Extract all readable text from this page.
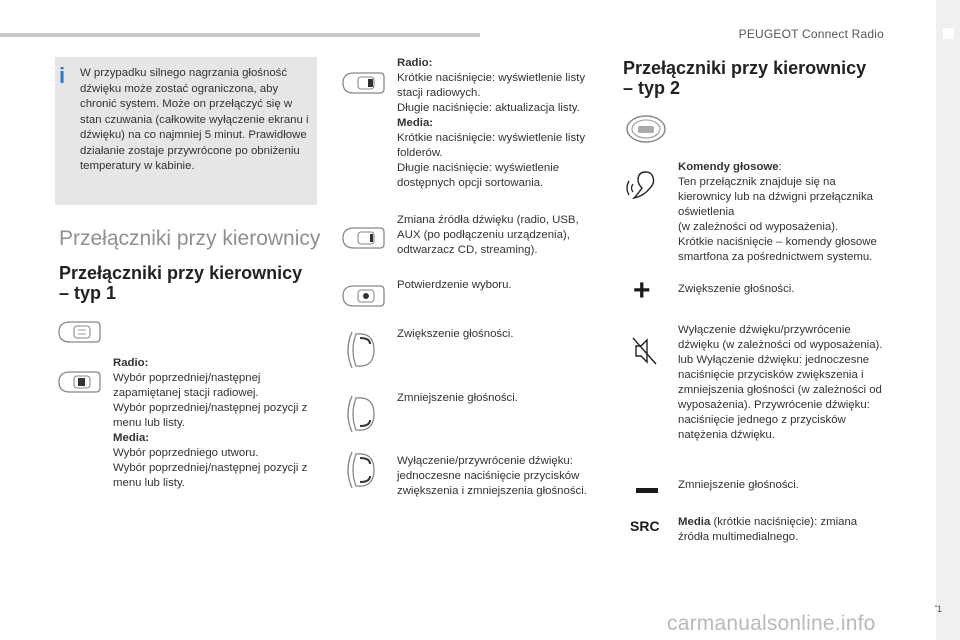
PEUGEOT Connect Radio
i	W przypadku silnego nagrzania głośność dźwięku może zostać ograniczona, aby chronić system. Może on przełączyć się w stan czuwania (całkowite wyłączenie ekranu i dźwięku) na co najmniej 5 minut. Prawidłowe działanie zostaje przywrócone po obniżeniu temperatury w kabinie.
Przełączniki przy kierownicy
Przełączniki przy kierownicy – typ 1
Radio:
Wybór poprzedniej/następnej zapamiętanej stacji radiowej.
Wybór poprzedniej/następnej pozycji z menu lub listy.
Media:
Wybór poprzedniego utworu.
Wybór poprzedniej/następnej pozycji z menu lub listy.
Radio:
Krótkie naciśnięcie: wyświetlenie listy stacji radiowych.
Długie naciśnięcie: aktualizacja listy.
Media:
Krótkie naciśnięcie: wyświetlenie listy folderów.
Długie naciśnięcie: wyświetlenie dostępnych opcji sortowania.
Zmiana źródła dźwięku (radio, USB, AUX (po podłączeniu urządzenia), odtwarzacz CD, streaming).
Potwierdzenie wyboru.
Zwiększenie głośności.
Zmniejszenie głośności.
Wyłączenie/przywrócenie dźwięku: jednoczesne naciśnięcie przycisków zwiększenia i zmniejszenia głośności.
Przełączniki przy kierownicy – typ 2
Komendy głosowe:
Ten przełącznik znajduje się na kierownicy lub na dźwigni przełącznika oświetlenia
(w zależności od wyposażenia).
Krótkie naciśnięcie – komendy głosowe smartfona za pośrednictwem systemu.
+ Zwiększenie głośności.
Wyłączenie dźwięku/przywrócenie dźwięku (w zależności od wyposażenia). lub Wyłączenie dźwięku: jednoczesne naciśnięcie przycisków zwiększenia i zmniejszenia głośności (w zależności od wyposażenia). Przywrócenie dźwięku: naciśnięcie jednego z przycisków natężenia dźwięku.
Zmniejszenie głośności.
SRC Media (krótkie naciśnięcie): zmiana źródła multimedialnego.
. 1
carmanualsonline.info
